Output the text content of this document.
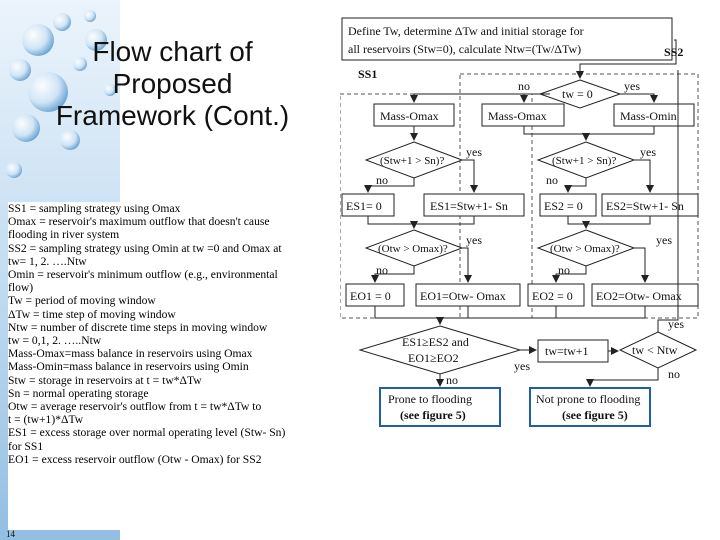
Flow chart of
Proposed
Framework (Cont.)
SS1 = sampling strategy using Omax
Omax = reservoir's maximum outflow that doesn't cause
flooding in river system
SS2 = sampling strategy using Omin at tw =0 and Omax at
tw= 1, 2. ….Ntw
Omin = reservoir's minimum outflow (e.g., environmental
flow)
Tw = period of moving window
ΔTw = time step of moving window
Ntw = number of discrete time steps in moving window
tw = 0,1, 2. …..Ntw
Mass-Omax=mass balance in reservoirs using Omax
Mass-Omin=mass balance in reservoirs using Omin
Stw = storage in reservoirs at t = tw*ΔTw
Sn = normal operating storage
Otw = average reservoir's outflow from t = tw*ΔTw to
t = (tw+1)*ΔTw
ES1 = excess storage over normal operating level (Stw- Sn)
for SS1
EO1 = excess reservoir outflow (Otw - Omax) for SS2
14
Define Tw, determine ΔTw and initial storage for
all reservoirs (Stw=0), calculate Ntw=(Tw/ΔTw)
SS1
SS2
tw = 0
no	yes
Mass-Omax	Mass-Omax	Mass-Omin
(Stw+1 > Sn)?	(Stw+1 > Sn)?
yes	yes
no	no
ES1= 0	ES1=Stw+1- Sn	ES2 = 0 ES2=Stw+1- Sn
(Otw > Omax)?	(Otw > Omax)?
yes	yes
no	no
EO1 = 0 EO1=Otw- Omax EO2 = 0 EO2=Otw- Omax
ES1≥ES2 and
EO1≥EO2
yes
no
tw=tw+1	tw < Ntw
yes
no
Prone to flooding
(see figure 5)
Not prone to flooding
(see figure 5)
